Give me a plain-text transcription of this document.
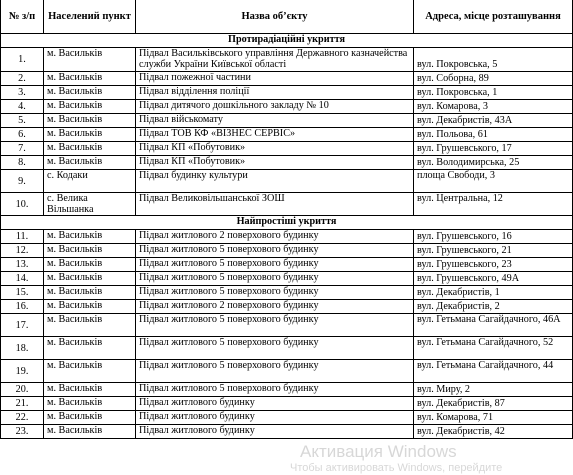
№ з/п	Населений пункт	Назва об’єкту	Адреса, місце розташування
Протирадіаційні укриття			
1.	м. Васильків	Підвал Васильківського управління Державного казначейства служби України Київської області	вул. Покровська, 5
2.	м. Васильків	Підвал пожежної частини	вул. Соборна, 89
3.	м. Васильків	Підвал відділення поліції	вул. Покровська, 1
4.	м. Васильків	Підвал дитячого дошкільного закладу № 10	вул. Комарова, 3
5.	м. Васильків	Підвал військомату	вул. Декабристів, 43А
6.	м. Васильків	Підвал ТОВ КФ «ВІЗНЕС СЕРВІС»	вул. Польова, 61
7.	м. Васильків	Підвал КП «Побутовик»	вул. Грушевського, 17
8.	м. Васильків	Підвал КП «Побутовик»	вул. Володимирська, 25
9.	с. Кодаки	Підвал будинку культури	площа Свободи, 3
10.	с. Велика Вільшанка	Підвал Великовільшанської ЗОШ	вул. Центральна, 12
Найпростіші укриття			
11.	м. Васильків	Підвал житлового 2 поверхового будинку	вул. Грушевського, 16
12.	м. Васильків	Підвал житлового 5 поверхового будинку	вул. Грушевського, 21
13.	м. Васильків	Підвал житлового 5 поверхового будинку	вул. Грушевського, 23
14.	м. Васильків	Підвал житлового 5 поверхового будинку	вул. Грушевського, 49А
15.	м. Васильків	Підвал житлового 5 поверхового будинку	вул. Декабристів, 1
16.	м. Васильків	Підвал житлового 2 поверхового будинку	вул. Декабристів, 2
17.	м. Васильків	Підвал житлового 5 поверхового будинку	вул. Гетьмана Сагайдачного, 46А
18.	м. Васильків	Підвал житлового 5 поверхового будинку	вул. Гетьмана Сагайдачного, 52
19.	м. Васильків	Підвал житлового 5 поверхового будинку	вул. Гетьмана Сагайдачного, 44
20.	м. Васильків	Підвал житлового 5 поверхового будинку	вул. Миру, 2
21.	м. Васильків	Підвал житлового будинку	вул. Декабристів, 87
22.	м. Васильків	Підвал житлового будинку	вул. Комарова, 71
23.	м. Васильків	Підвал житлового будинку	вул. Декабристів, 42
Активация Windows
Чтобы активировать Windows, перейдите
